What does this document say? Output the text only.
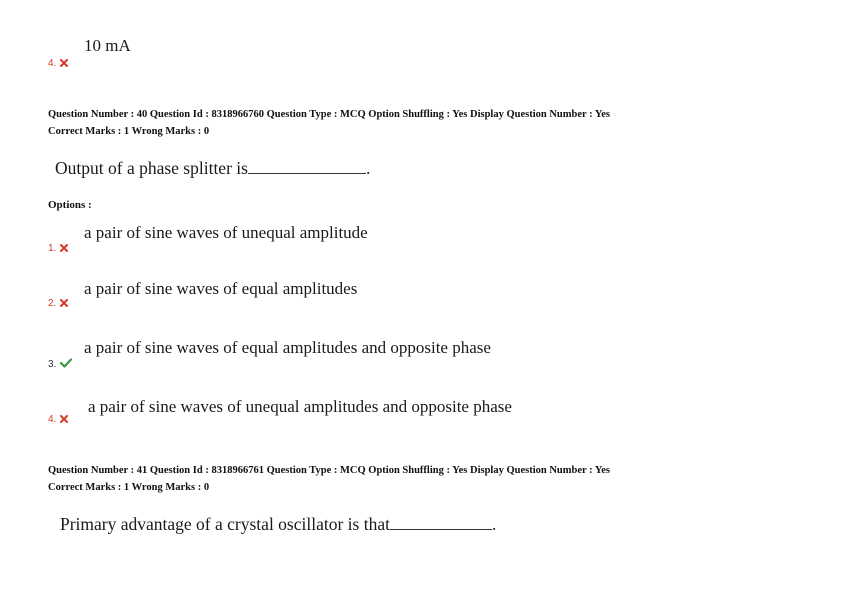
10 mA
4.
Question Number : 40 Question Id : 8318966760 Question Type : MCQ Option Shuffling : Yes Display Question Number : Yes
Correct Marks : 1 Wrong Marks : 0
Output of a phase splitter is	.
Options :
a pair of sine waves of unequal amplitude
1.
a pair of sine waves of equal amplitudes
2.
a pair of sine waves of equal amplitudes and opposite phase
3.
a pair of sine waves of unequal amplitudes and opposite phase
4.
Question Number : 41 Question Id : 8318966761 Question Type : MCQ Option Shuffling : Yes Display Question Number : Yes
Correct Marks : 1 Wrong Marks : 0
Primary advantage of a crystal oscillator is that	.
